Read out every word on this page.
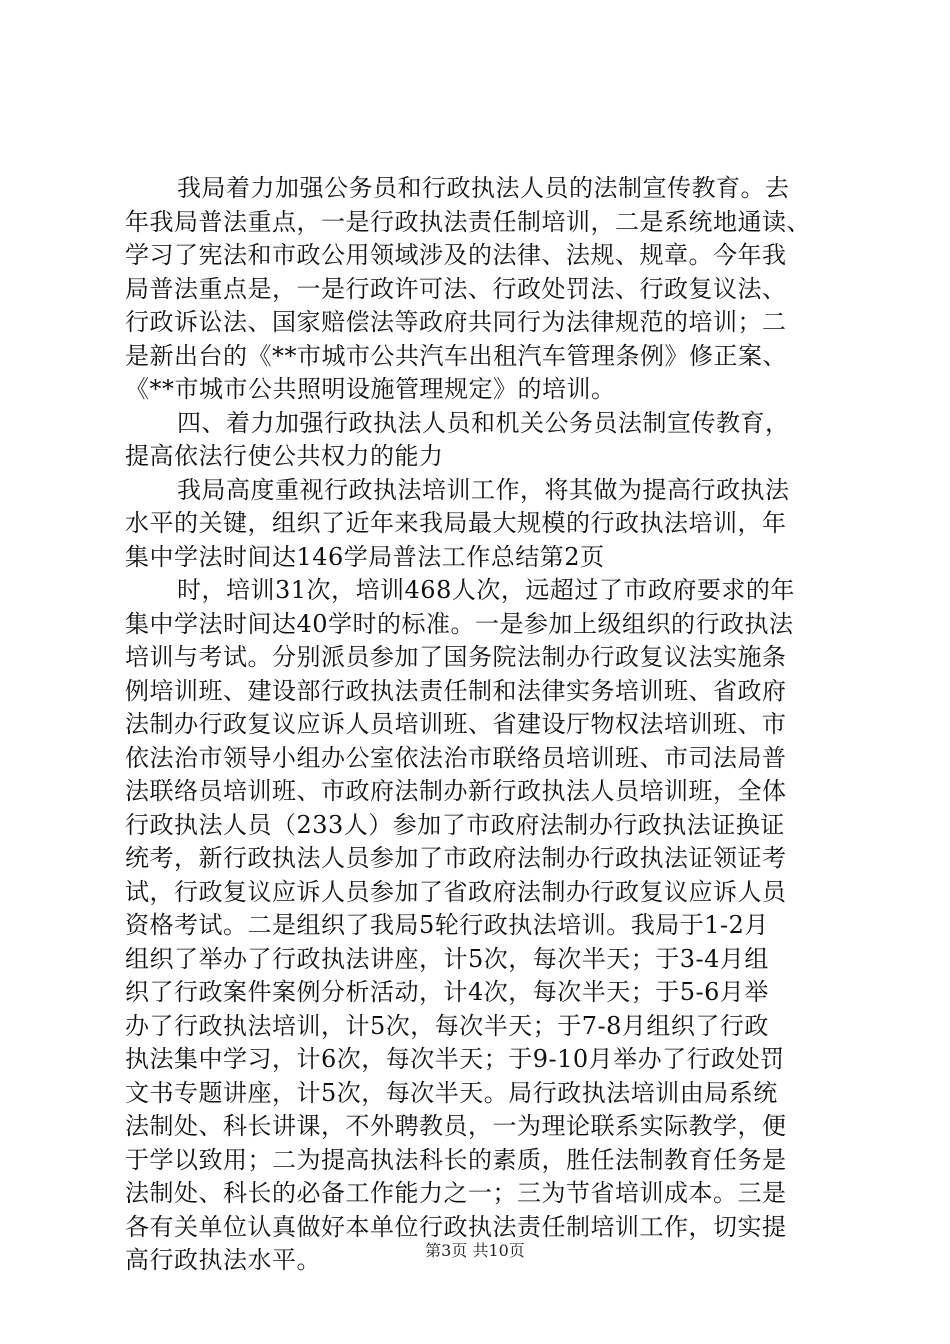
我局着力加强公务员和行政执法人员的法制宣传教育。去
年我局普法重点，一是行政执法责任制培训，二是系统地通读、
学习了宪法和市政公用领域涉及的法律、法规、规章。今年我
局普法重点是，一是行政许可法、行政处罚法、行政复议法、
行政诉讼法、国家赔偿法等政府共同行为法律规范的培训；二
是新出台的《**市城市公共汽车出租汽车管理条例》修正案、
《**市城市公共照明设施管理规定》的培训。

四、着力加强行政执法人员和机关公务员法制宣传教育，
提高依法行使公共权力的能力

我局高度重视行政执法培训工作，将其做为提高行政执法
水平的关键，组织了近年来我局最大规模的行政执法培训，年
集中学法时间达146学局普法工作总结第2页

时，培训31次，培训468人次，远超过了市政府要求的年
集中学法时间达40学时的标准。一是参加上级组织的行政执法
培训与考试。分别派员参加了国务院法制办行政复议法实施条
例培训班、建设部行政执法责任制和法律实务培训班、省政府
法制办行政复议应诉人员培训班、省建设厅物权法培训班、市
依法治市领导小组办公室依法治市联络员培训班、市司法局普
法联络员培训班、市政府法制办新行政执法人员培训班，全体
行政执法人员（233人）参加了市政府法制办行政执法证换证
统考，新行政执法人员参加了市政府法制办行政执法证领证考
试，行政复议应诉人员参加了省政府法制办行政复议应诉人员
资格考试。二是组织了我局5轮行政执法培训。我局于1-2月
组织了举办了行政执法讲座，计5次，每次半天；于3-4月组
织了行政案件案例分析活动，计4次，每次半天；于5-6月举
办了行政执法培训，计5次，每次半天；于7-8月组织了行政
执法集中学习，计6次，每次半天；于9-10月举办了行政处罚
文书专题讲座，计5次，每次半天。局行政执法培训由局系统
法制处、科长讲课，不外聘教员，一为理论联系实际教学，便
于学以致用；二为提高执法科长的素质，胜任法制教育任务是
法制处、科长的必备工作能力之一；三为节省培训成本。三是
各有关单位认真做好本单位行政执法责任制培训工作，切实提
高行政执法水平。	第3页 共10页
